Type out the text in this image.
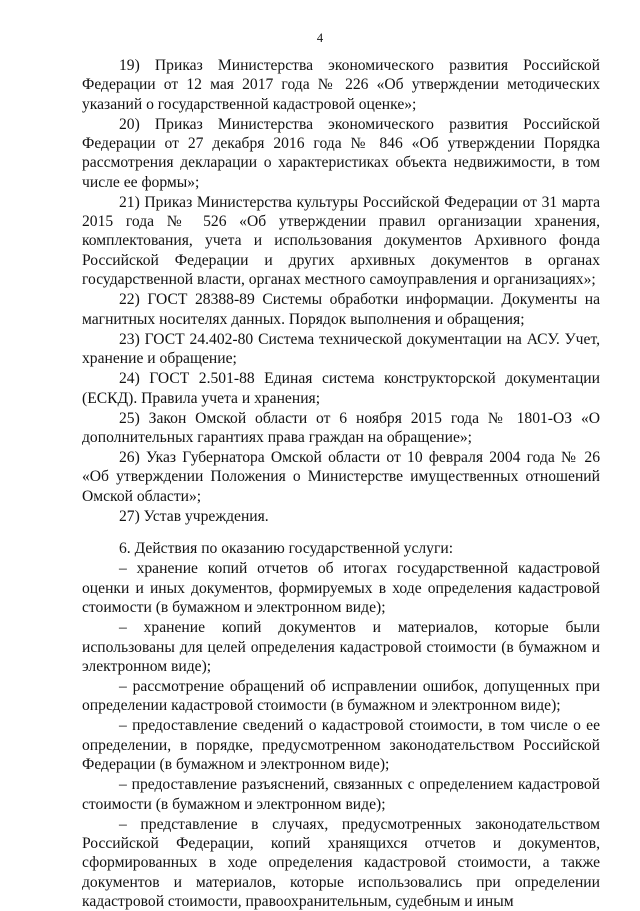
4

19) Приказ Министерства экономического развития Российской Федерации от 12 мая 2017 года № 226 «Об утверждении методических указаний о государственной кадастровой оценке»;

20) Приказ Министерства экономического развития Российской Федерации от 27 декабря 2016 года № 846 «Об утверждении Порядка рассмотрения декларации о характеристиках объекта недвижимости, в том числе ее формы»;

21) Приказ Министерства культуры Российской Федерации от 31 марта 2015 года № 526 «Об утверждении правил организации хранения, комплектования, учета и использования документов Архивного фонда Российской Федерации и других архивных документов в органах государственной власти, органах местного самоуправления и организациях»;

22) ГОСТ 28388-89 Системы обработки информации. Документы на магнитных носителях данных. Порядок выполнения и обращения;

23) ГОСТ 24.402-80 Система технической документации на АСУ. Учет, хранение и обращение;

24) ГОСТ 2.501-88 Единая система конструкторской документации (ЕСКД). Правила учета и хранения;

25) Закон Омской области от 6 ноября 2015 года № 1801-ОЗ «О дополнительных гарантиях права граждан на обращение»;

26) Указ Губернатора Омской области от 10 февраля 2004 года № 26 «Об утверждении Положения о Министерстве имущественных отношений Омской области»;

27) Устав учреждения.

6. Действия по оказанию государственной услуги:

– хранение копий отчетов об итогах государственной кадастровой оценки и иных документов, формируемых в ходе определения кадастровой стоимости (в бумажном и электронном виде);

– хранение копий документов и материалов, которые были использованы для целей определения кадастровой стоимости (в бумажном и электронном виде);

– рассмотрение обращений об исправлении ошибок, допущенных при определении кадастровой стоимости (в бумажном и электронном виде);

– предоставление сведений о кадастровой стоимости, в том числе о ее определении, в порядке, предусмотренном законодательством Российской Федерации (в бумажном и электронном виде);

– предоставление разъяснений, связанных с определением кадастровой стоимости (в бумажном и электронном виде);

– представление в случаях, предусмотренных законодательством Российской Федерации, копий хранящихся отчетов и документов, сформированных в ходе определения кадастровой стоимости, а также документов и материалов, которые использовались при определении кадастровой стоимости, правоохранительным, судебным и иным
